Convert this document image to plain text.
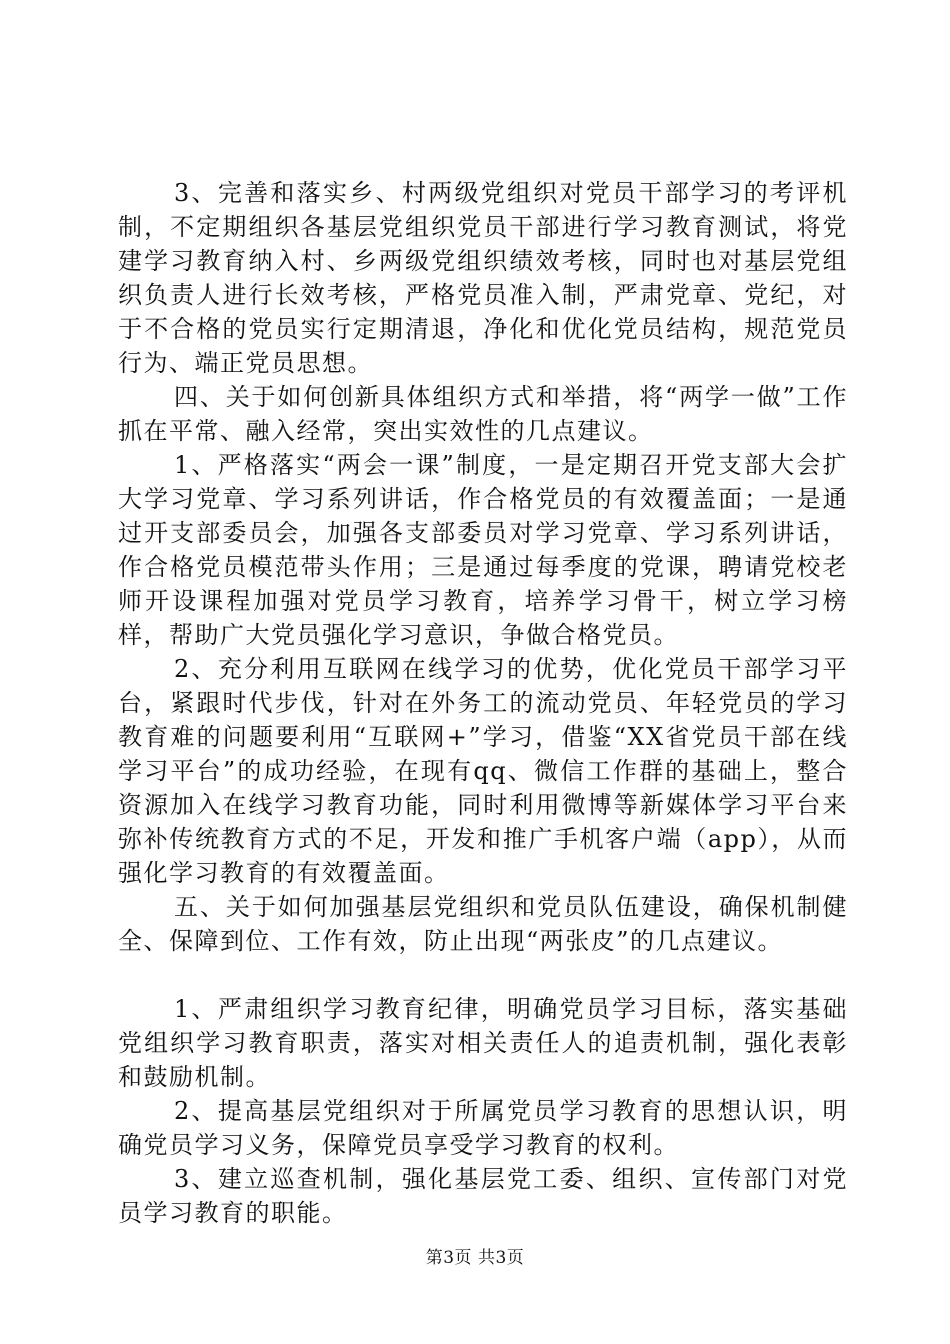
3、完善和落实乡、村两级党组织对党员干部学习的考评机制，不定期组织各基层党组织党员干部进行学习教育测试，将党建学习教育纳入村、乡两级党组织绩效考核，同时也对基层党组织负责人进行长效考核，严格党员准入制，严肃党章、党纪，对于不合格的党员实行定期清退，净化和优化党员结构，规范党员行为、端正党员思想。

四、关于如何创新具体组织方式和举措，将“两学一做”工作抓在平常、融入经常，突出实效性的几点建议。

1、严格落实“两会一课”制度，一是定期召开党支部大会扩大学习党章、学习系列讲话，作合格党员的有效覆盖面；一是通过开支部委员会，加强各支部委员对学习党章、学习系列讲话，作合格党员模范带头作用；三是通过每季度的党课，聘请党校老师开设课程加强对党员学习教育，培养学习骨干，树立学习榜样，帮助广大党员强化学习意识，争做合格党员。

2、充分利用互联网在线学习的优势，优化党员干部学习平台，紧跟时代步伐，针对在外务工的流动党员、年轻党员的学习教育难的问题要利用“互联网+”学习，借鉴“XX省党员干部在线学习平台”的成功经验，在现有qq、微信工作群的基础上，整合资源加入在线学习教育功能，同时利用微博等新媒体学习平台来弥补传统教育方式的不足，开发和推广手机客户端（app），从而强化学习教育的有效覆盖面。

五、关于如何加强基层党组织和党员队伍建设，确保机制健全、保障到位、工作有效，防止出现“两张皮”的几点建议。

1、严肃组织学习教育纪律，明确党员学习目标，落实基础党组织学习教育职责，落实对相关责任人的追责机制，强化表彰和鼓励机制。

2、提高基层党组织对于所属党员学习教育的思想认识，明确党员学习义务，保障党员享受学习教育的权利。

3、建立巡查机制，强化基层党工委、组织、宣传部门对党员学习教育的职能。

第3页 共3页
